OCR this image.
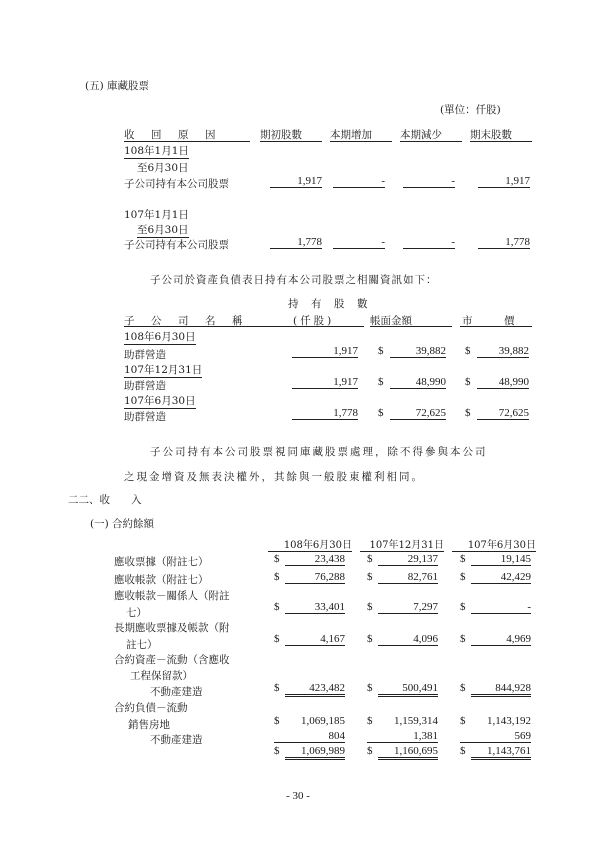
(五) 庫藏股票
(單位：仟股)
收　回　原　因	期初股數	本期增加	本期減少	期末股數
108年1月1日
至6月30日
子公司持有本公司股票	1,917	-	-	1,917
107年1月1日
至6月30日
子公司持有本公司股票	1,778	-	-	1,778
子公司於資產負債表日持有本公司股票之相關資訊如下：
持　有　股　數
子　公　司　名　稱	(仟股)	帳面金額	市　　　價
108年6月30日
助群營造	1,917 $	39,882 $	39,882
107年12月31日
助群營造	1,917 $	48,990 $	48,990
107年6月30日
助群營造	1,778 $	72,625 $	72,625
子公司持有本公司股票視同庫藏股票處理，除不得參與本公司
之現金增資及無表決權外，其餘與一般股東權利相同。
二二、收　　入
(一) 合約餘額
108年6月30日	107年12月31日	107年6月30日
應收票據（附註七）	$	23,438 $	29,137 $	19,145
應收帳款（附註七）	$	76,288 $	82,761 $	42,429
應收帳款－關係人（附註
七）	$	33,401 $	7,297 $	-
長期應收票據及帳款（附
註七）	$	4,167 $	4,096 $	4,969
合約資產－流動（含應收
工程保留款）
不動產建造	$	423,482 $	500,491 $	844,928
合約負債－流動
銷售房地	$	1,069,185 $	1,159,314 $	1,143,192
不動產建造	804	1,381	569
$	1,069,989 $	1,160,695 $	1,143,761
- 30 -
